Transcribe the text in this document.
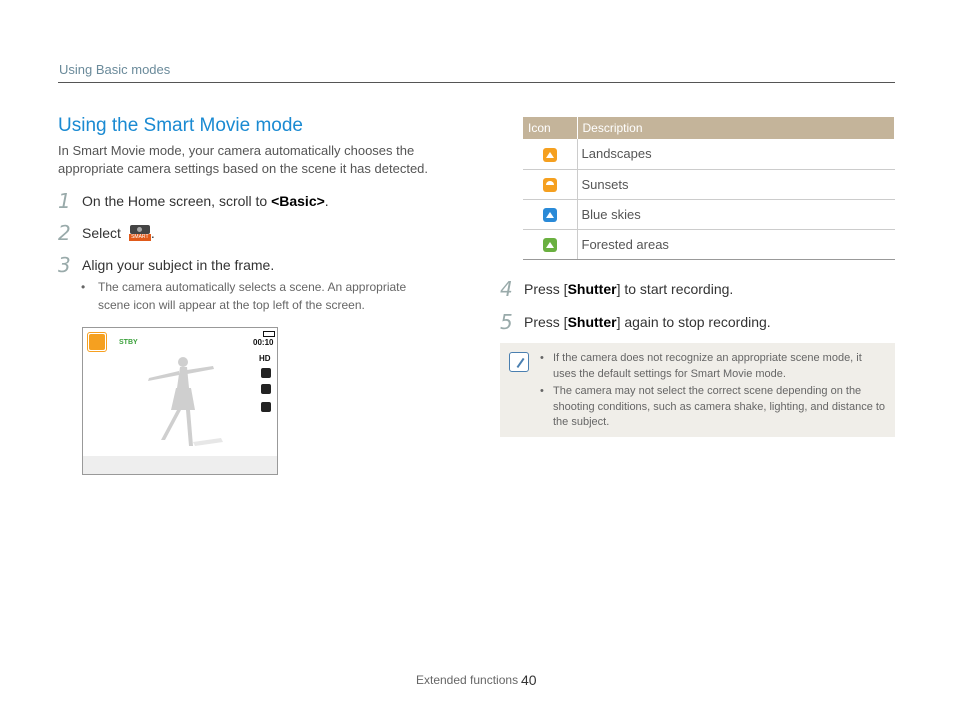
Using Basic modes
Using the Smart Movie mode
In Smart Movie mode, your camera automatically chooses the appropriate camera settings based on the scene it has detected.
1 On the Home screen, scroll to <Basic>.
2 Select	SMART .
3 Align your subject in the frame.
• The camera automatically selects a scene. An appropriate scene icon will appear at the top left of the screen.
STBY	00:10
HD
Icon	Description
	Landscapes
	Sunsets
	Blue skies
	Forested areas
4 Press [Shutter] to start recording.
5 Press [Shutter] again to stop recording.
• If the camera does not recognize an appropriate scene mode, it uses the default settings for Smart Movie mode.
• The camera may not select the correct scene depending on the shooting conditions, such as camera shake, lighting, and distance to the subject.
Extended functions 40
